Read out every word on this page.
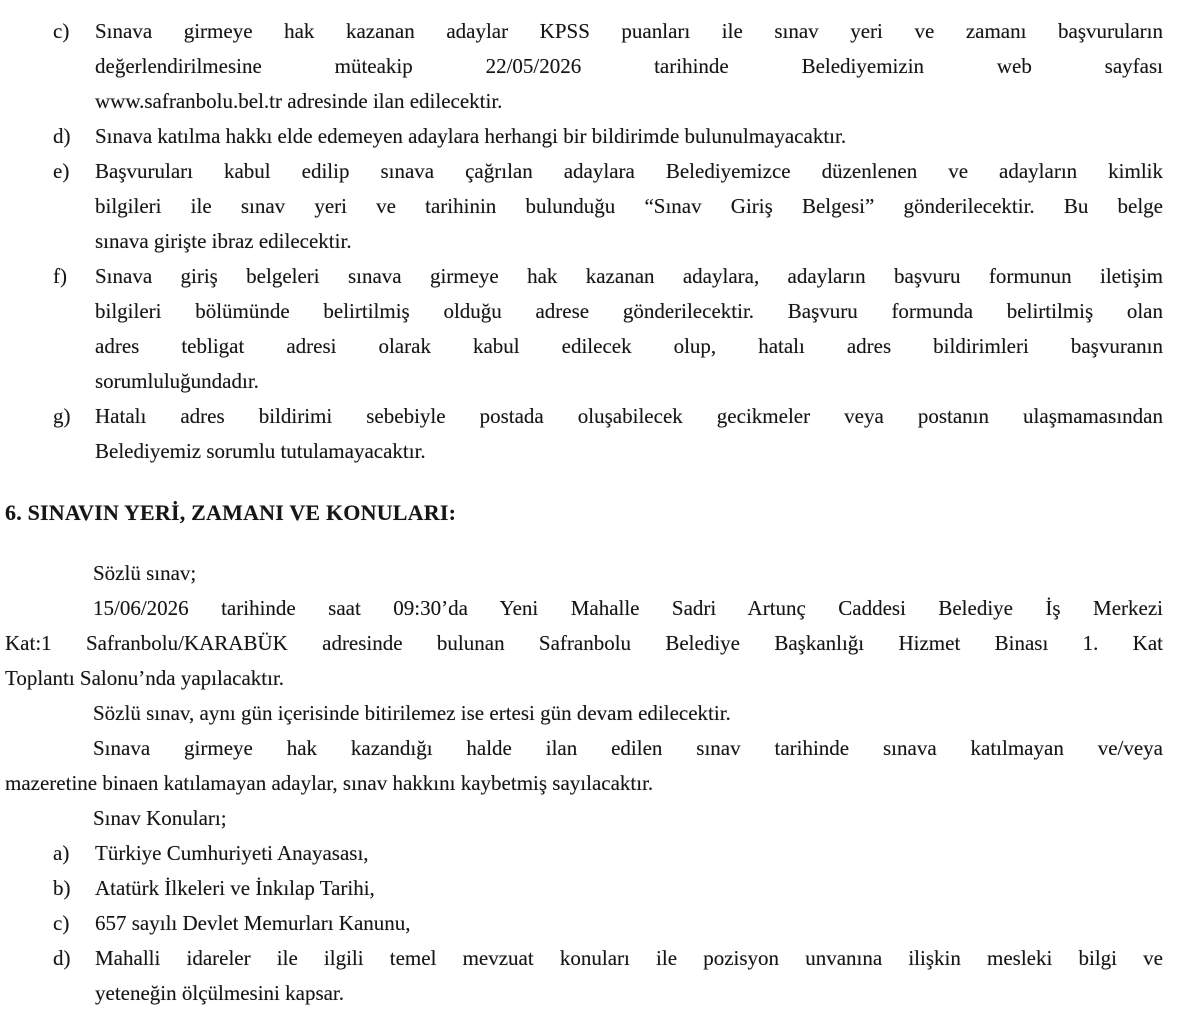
c)	Sınava girmeye hak kazanan adaylar KPSS puanları ile sınav yeri ve zamanı başvuruların
değerlendirilmesine müteakip 22/05/2026 tarihinde Belediyemizin web sayfası
www.safranbolu.bel.tr adresinde ilan edilecektir.
d)	Sınava katılma hakkı elde edemeyen adaylara herhangi bir bildirimde bulunulmayacaktır.
e)	Başvuruları kabul edilip sınava çağrılan adaylara Belediyemizce düzenlenen ve adayların kimlik
bilgileri ile sınav yeri ve tarihinin bulunduğu “Sınav Giriş Belgesi” gönderilecektir. Bu belge
sınava girişte ibraz edilecektir.
f)	Sınava giriş belgeleri sınava girmeye hak kazanan adaylara, adayların başvuru formunun iletişim
bilgileri bölümünde belirtilmiş olduğu adrese gönderilecektir. Başvuru formunda belirtilmiş olan
adres tebligat adresi olarak kabul edilecek olup, hatalı adres bildirimleri başvuranın
sorumluluğundadır.
g)	Hatalı adres bildirimi sebebiyle postada oluşabilecek gecikmeler veya postanın ulaşmamasından
Belediyemiz sorumlu tutulamayacaktır.
6. SINAVIN YERİ, ZAMANI VE KONULARI:
Sözlü sınav;
15/06/2026 tarihinde saat 09:30’da Yeni Mahalle Sadri Artunç Caddesi Belediye İş Merkezi
Kat:1 Safranbolu/KARABÜK adresinde bulunan Safranbolu Belediye Başkanlığı Hizmet Binası 1. Kat
Toplantı Salonu’nda yapılacaktır.
Sözlü sınav, aynı gün içerisinde bitirilemez ise ertesi gün devam edilecektir.
Sınava girmeye hak kazandığı halde ilan edilen sınav tarihinde sınava katılmayan ve/veya
mazeretine binaen katılamayan adaylar, sınav hakkını kaybetmiş sayılacaktır.
Sınav Konuları;
a)	Türkiye Cumhuriyeti Anayasası,
b)	Atatürk İlkeleri ve İnkılap Tarihi,
c)	657 sayılı Devlet Memurları Kanunu,
d)	Mahalli idareler ile ilgili temel mevzuat konuları ile pozisyon unvanına ilişkin mesleki bilgi ve
yeteneğin ölçülmesini kapsar.
